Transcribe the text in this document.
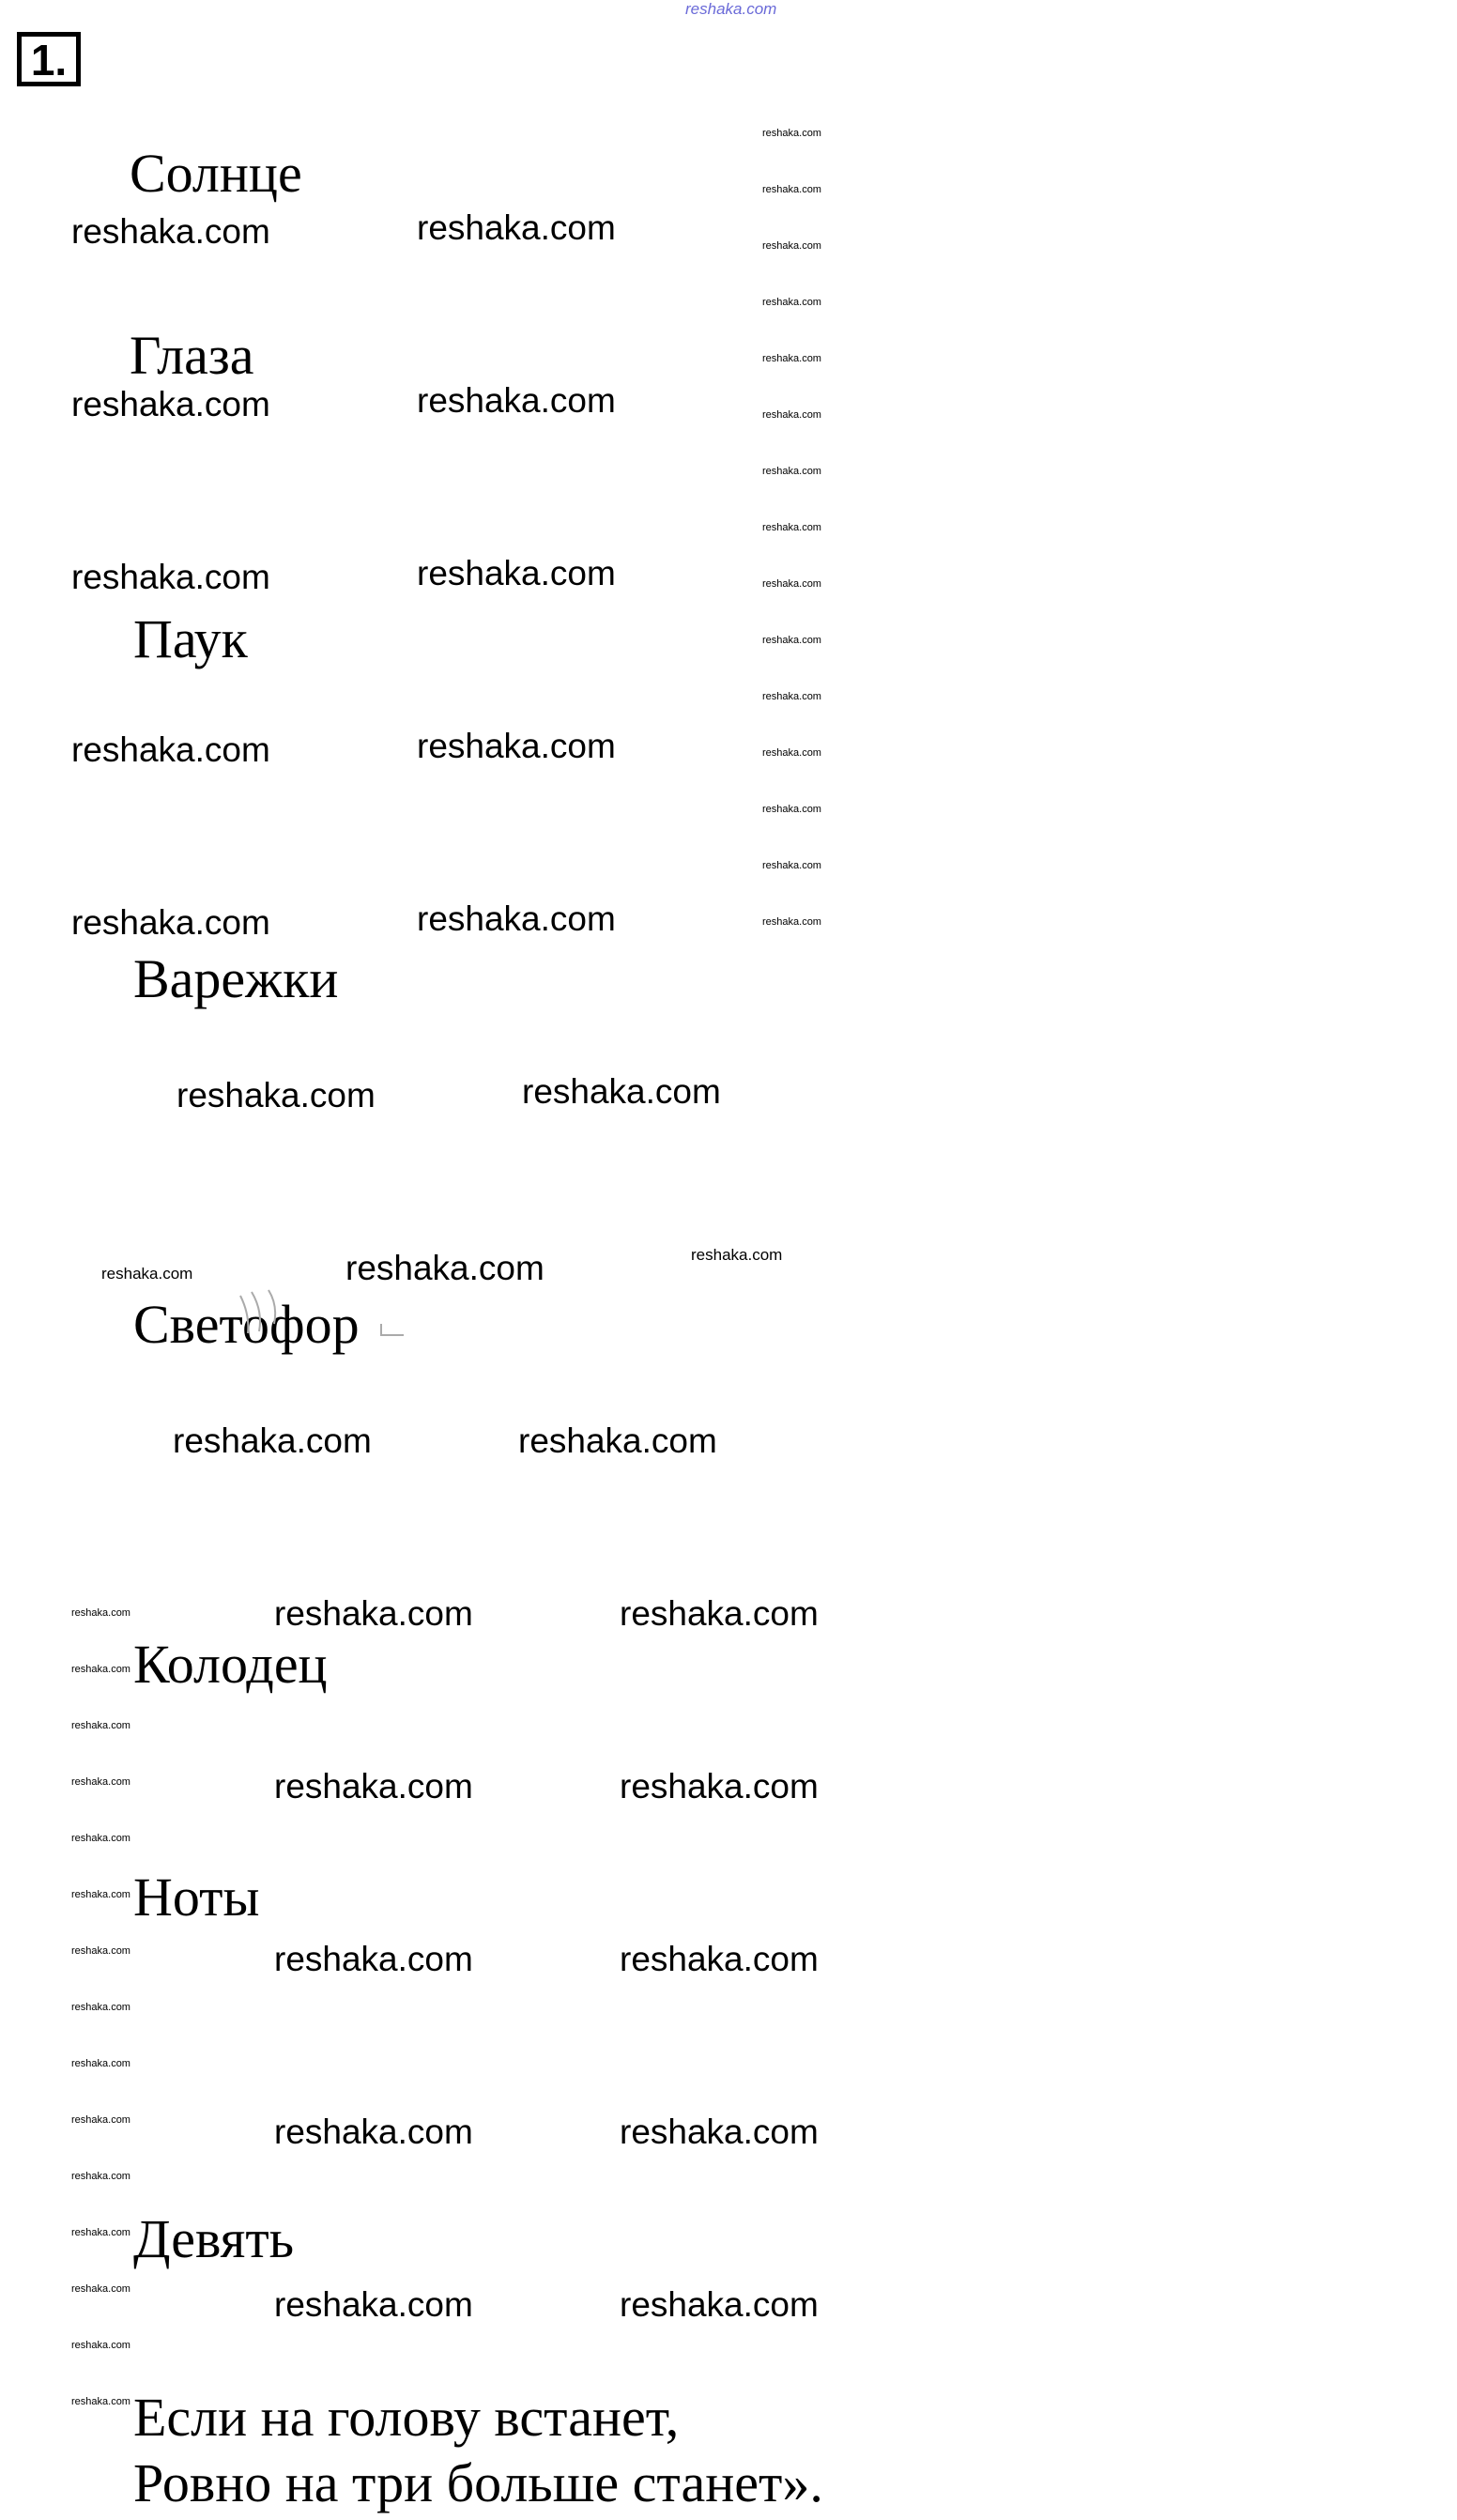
reshaka.com
1.
Солнце
Глаза
Паук
Варежки
Светофор
Колодец
Ноты
Девять
Если на голову встанет,
Ровно на три больше станет».
reshaka.com	reshaka.com
reshaka.com	reshaka.com
reshaka.com	reshaka.com
reshaka.com	reshaka.com
reshaka.com	reshaka.com
reshaka.com	reshaka.com
reshaka.com
reshaka.com	reshaka.com
reshaka.com	reshaka.com
reshaka.com	reshaka.com
reshaka.com	reshaka.com
reshaka.com	reshaka.com
reshaka.com	reshaka.com
reshaka.com
reshaka.com
reshaka.com
reshaka.com
reshaka.com
reshaka.com
reshaka.com
reshaka.com
reshaka.com
reshaka.com
reshaka.com
reshaka.com
reshaka.com
reshaka.com
reshaka.com
reshaka.com
reshaka.com
reshaka.com
reshaka.com
reshaka.com
reshaka.com
reshaka.com
reshaka.com
reshaka.com
reshaka.com
reshaka.com
reshaka.com
reshaka.com
reshaka.com
reshaka.com
reshaka.com
reshaka.com
